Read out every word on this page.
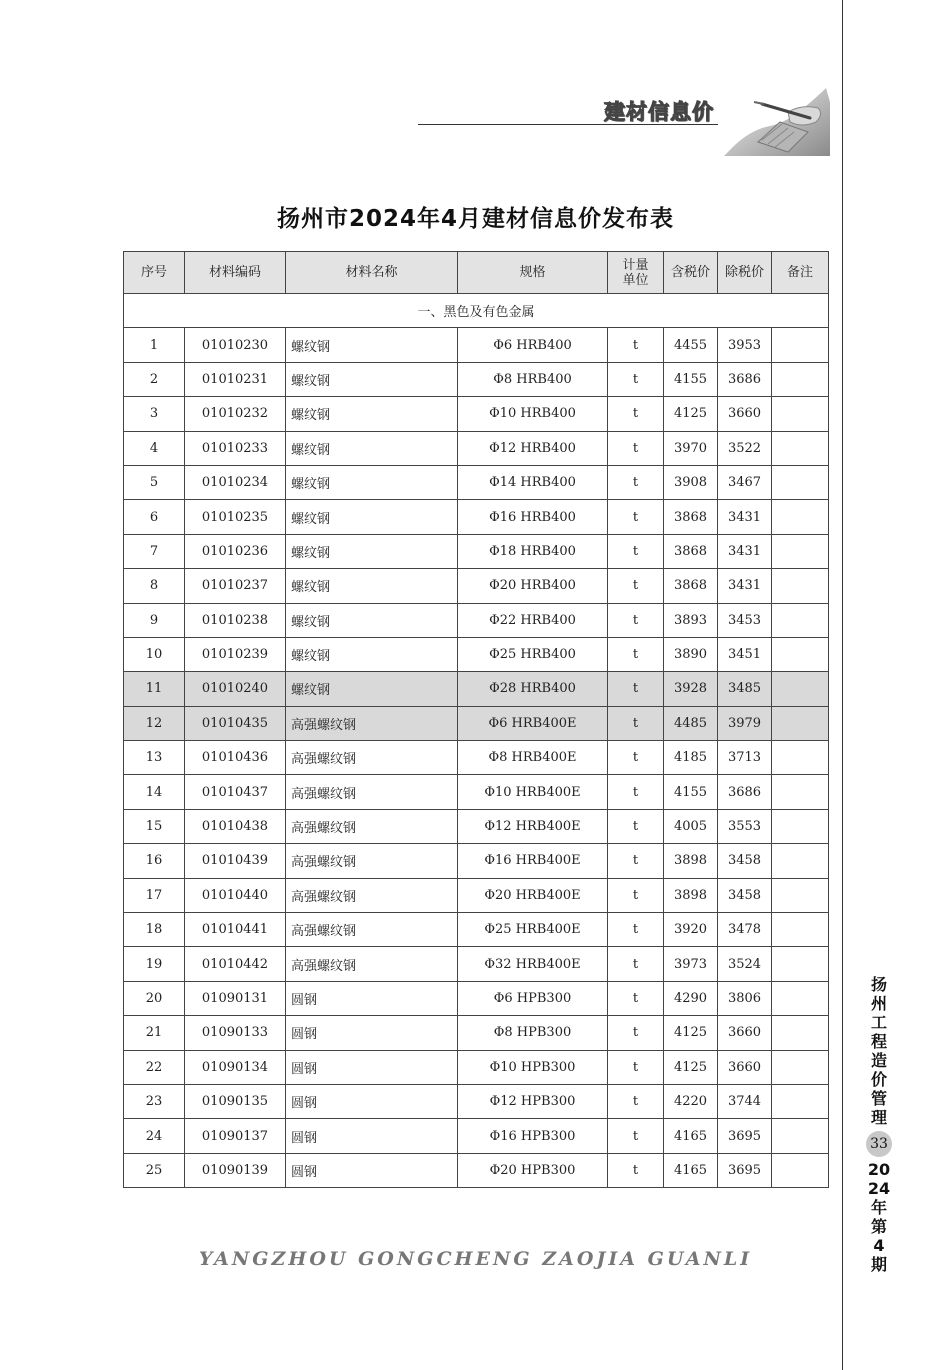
建材信息价
扬州市2024年4月建材信息价发布表
序号	材料编码	材料名称	规格	计量单位	含税价	除税价	备注
一、黑色及有色金属							
1	01010230	螺纹钢	Φ6 HRB400	t	4455	3953	
2	01010231	螺纹钢	Φ8 HRB400	t	4155	3686	
3	01010232	螺纹钢	Φ10 HRB400	t	4125	3660	
4	01010233	螺纹钢	Φ12 HRB400	t	3970	3522	
5	01010234	螺纹钢	Φ14 HRB400	t	3908	3467	
6	01010235	螺纹钢	Φ16 HRB400	t	3868	3431	
7	01010236	螺纹钢	Φ18 HRB400	t	3868	3431	
8	01010237	螺纹钢	Φ20 HRB400	t	3868	3431	
9	01010238	螺纹钢	Φ22 HRB400	t	3893	3453	
10	01010239	螺纹钢	Φ25 HRB400	t	3890	3451	
11	01010240	螺纹钢	Φ28 HRB400	t	3928	3485	
12	01010435	高强螺纹钢	Φ6 HRB400E	t	4485	3979	
13	01010436	高强螺纹钢	Φ8 HRB400E	t	4185	3713	
14	01010437	高强螺纹钢	Φ10 HRB400E	t	4155	3686	
15	01010438	高强螺纹钢	Φ12 HRB400E	t	4005	3553	
16	01010439	高强螺纹钢	Φ16 HRB400E	t	3898	3458	
17	01010440	高强螺纹钢	Φ20 HRB400E	t	3898	3458	
18	01010441	高强螺纹钢	Φ25 HRB400E	t	3920	3478	
19	01010442	高强螺纹钢	Φ32 HRB400E	t	3973	3524	
20	01090131	圆钢	Φ6 HPB300	t	4290	3806	
21	01090133	圆钢	Φ8 HPB300	t	4125	3660	
22	01090134	圆钢	Φ10 HPB300	t	4125	3660	
23	01090135	圆钢	Φ12 HPB300	t	4220	3744	
24	01090137	圆钢	Φ16 HPB300	t	4165	3695	
25	01090139	圆钢	Φ20 HPB300	t	4165	3695	
YANGZHOU GONGCHENG ZAOJIA GUANLI
扬州工程造价管理
33
2024年第4期
